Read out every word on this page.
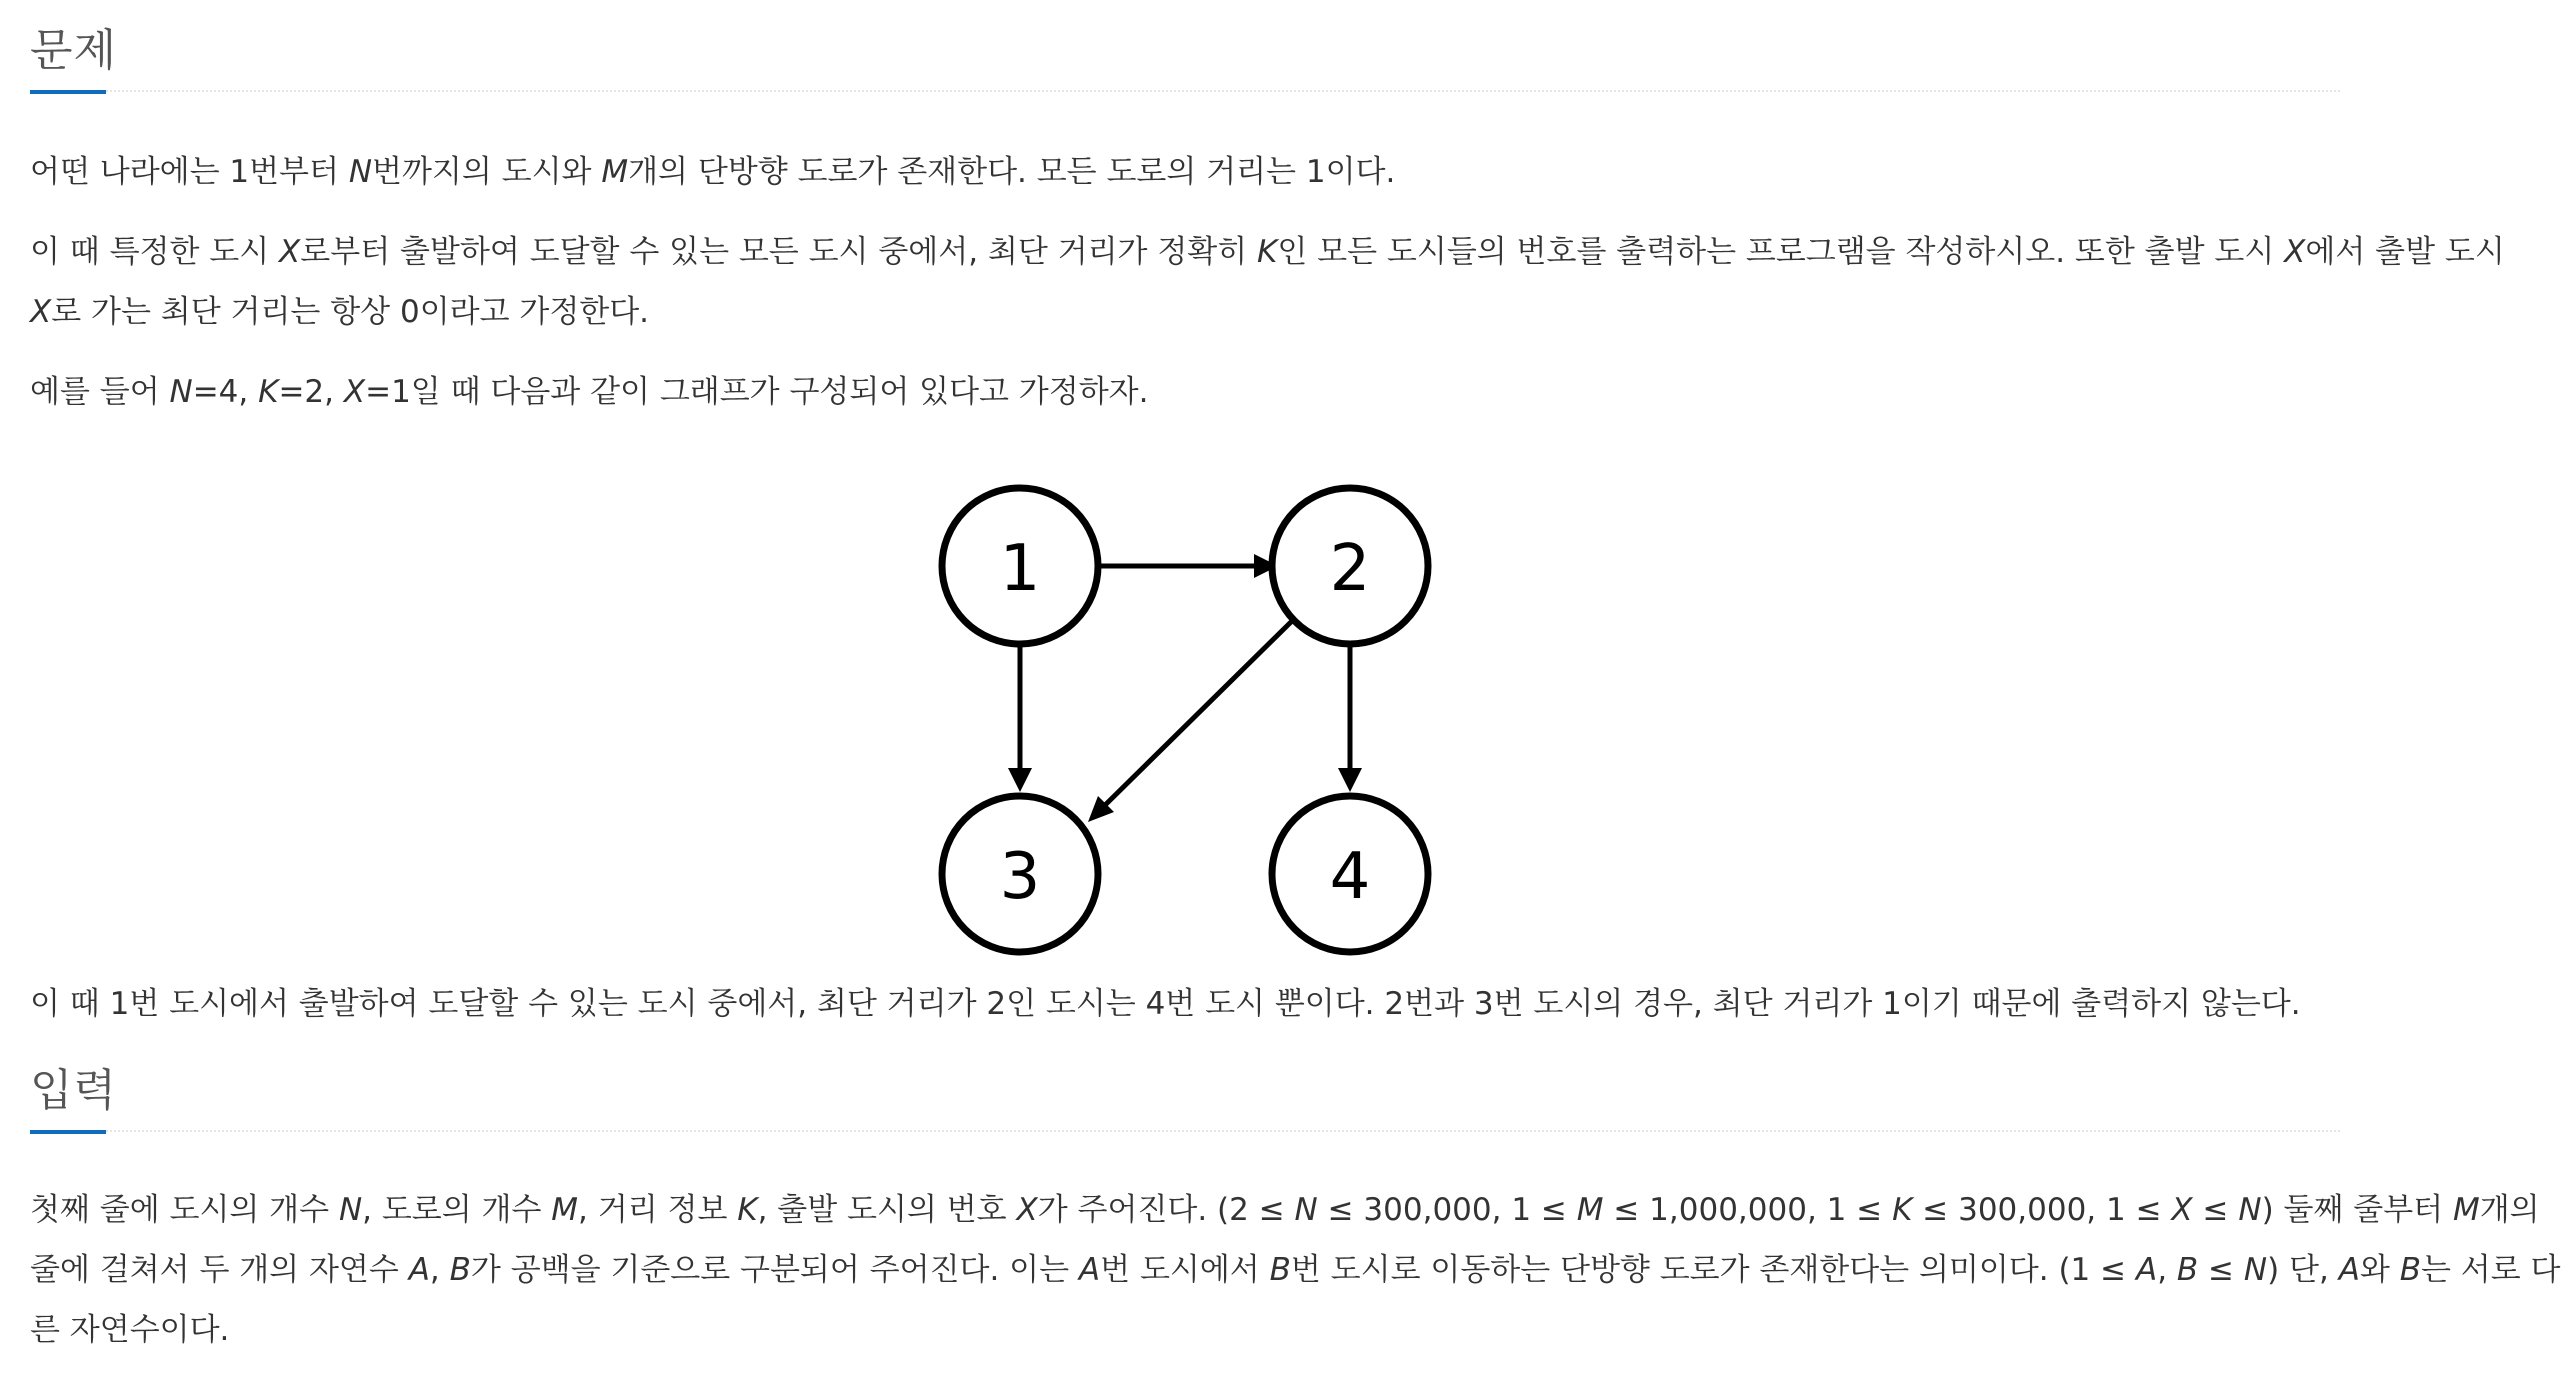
문제

어떤 나라에는 1번부터 N번까지의 도시와 M개의 단방향 도로가 존재한다. 모든 도로의 거리는 1이다.

이 때 특정한 도시 X로부터 출발하여 도달할 수 있는 모든 도시 중에서, 최단 거리가 정확히 K인 모든 도시들의 번호를 출력하는 프로그램을 작성하시오. 또한 출발 도시 X에서 출발 도시

X로 가는 최단 거리는 항상 0이라고 가정한다.

예를 들어 N=4, K=2, X=1일 때 다음과 같이 그래프가 구성되어 있다고 가정하자.

1	2
3	4

이 때 1번 도시에서 출발하여 도달할 수 있는 도시 중에서, 최단 거리가 2인 도시는 4번 도시 뿐이다. 2번과 3번 도시의 경우, 최단 거리가 1이기 때문에 출력하지 않는다.

입력

첫째 줄에 도시의 개수 N, 도로의 개수 M, 거리 정보 K, 출발 도시의 번호 X가 주어진다. (2 ≤ N ≤ 300,000, 1 ≤ M ≤ 1,000,000, 1 ≤ K ≤ 300,000, 1 ≤ X ≤ N) 둘째 줄부터 M개의

줄에 걸쳐서 두 개의 자연수 A, B가 공백을 기준으로 구분되어 주어진다. 이는 A번 도시에서 B번 도시로 이동하는 단방향 도로가 존재한다는 의미이다. (1 ≤ A, B ≤ N) 단, A와 B는 서로 다

른 자연수이다.
